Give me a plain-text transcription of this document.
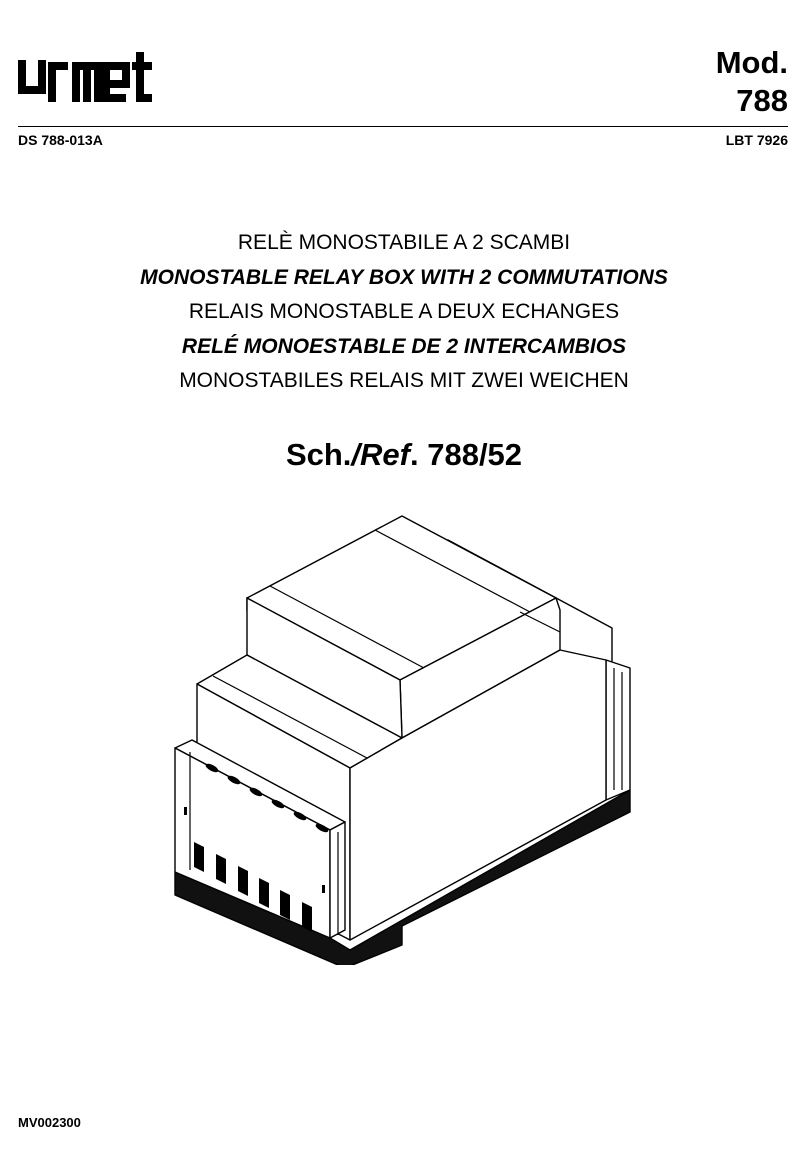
Mod.
788
DS 788-013A	LBT 7926
RELÈ MONOSTABILE A 2 SCAMBI
MONOSTABLE RELAY BOX WITH 2 COMMUTATIONS
RELAIS MONOSTABLE A DEUX ECHANGES
RELÉ MONOESTABLE DE 2 INTERCAMBIOS
MONOSTABILES RELAIS MIT ZWEI WEICHEN
Sch./Ref. 788/52
MV002300
